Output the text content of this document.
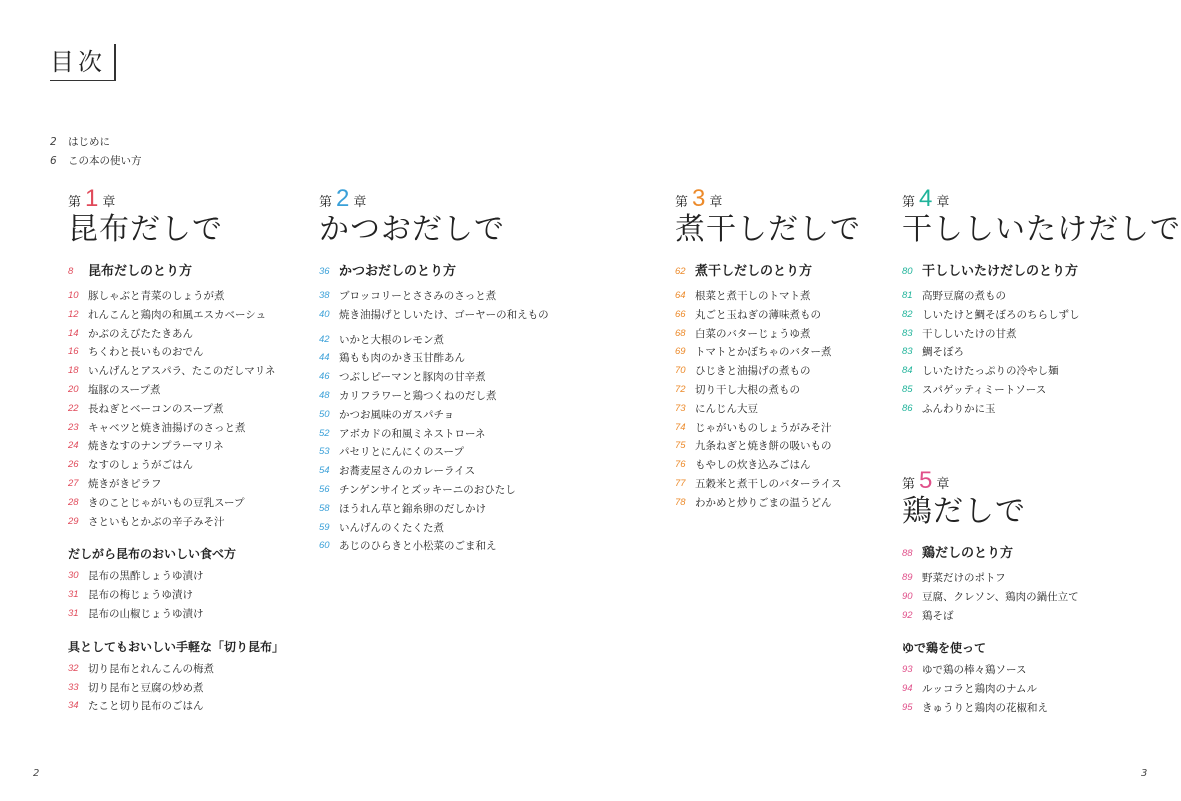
目次
2	はじめに
6	この本の使い方
第 1 章
昆布だしで
8	昆布だしのとり方
10 豚しゃぶと青菜のしょうが煮
12 れんこんと鶏肉の和風エスカベーシュ
14 かぶのえびたたきあん
16 ちくわと長いものおでん
18 いんげんとアスパラ、たこのだしマリネ
20 塩豚のスープ煮
22 長ねぎとベーコンのスープ煮
23 キャベツと焼き油揚げのさっと煮
24 焼きなすのナンプラーマリネ
26 なすのしょうがごはん
27 焼きがきピラフ
28 きのことじゃがいもの豆乳スープ
29 さといもとかぶの辛子みそ汁
だしがら昆布のおいしい食べ方
30 昆布の黒酢しょうゆ漬け
31 昆布の梅じょうゆ漬け
31 昆布の山椒じょうゆ漬け
具としてもおいしい手軽な「切り昆布」
32 切り昆布とれんこんの梅煮
33 切り昆布と豆腐の炒め煮
34 たこと切り昆布のごはん
第 2 章
かつおだしで
36 かつおだしのとり方
38 ブロッコリーとささみのさっと煮
40 焼き油揚げとしいたけ、ゴーヤーの和えもの
42 いかと大根のレモン煮
44 鶏もも肉のかき玉甘酢あん
46 つぶしピーマンと豚肉の甘辛煮
48 カリフラワーと鶏つくねのだし煮
50 かつお風味のガスパチョ
52 アボカドの和風ミネストローネ
53 パセリとにんにくのスープ
54 お蕎麦屋さんのカレーライス
56 チンゲンサイとズッキーニのおひたし
58 ほうれん草と錦糸卵のだしかけ
59 いんげんのくたくた煮
60 あじのひらきと小松菜のごま和え
第 3 章
煮干しだしで
62 煮干しだしのとり方
64 根菜と煮干しのトマト煮
66 丸ごと玉ねぎの薄味煮もの
68 白菜のバターじょうゆ煮
69 トマトとかぼちゃのバター煮
70 ひじきと油揚げの煮もの
72 切り干し大根の煮もの
73 にんじん大豆
74 じゃがいものしょうがみそ汁
75 九条ねぎと焼き餅の吸いもの
76 もやしの炊き込みごはん
77 五穀米と煮干しのバターライス
78 わかめと炒りごまの温うどん
第 4 章
干ししいたけだしで
80 干ししいたけだしのとり方
81 高野豆腐の煮もの
82 しいたけと鯛そぼろのちらしずし
83 干ししいたけの甘煮
83 鯛そぼろ
84 しいたけたっぷりの冷やし麺
85 スパゲッティミートソース
86 ふんわりかに玉
第 5 章
鶏だしで
88 鶏だしのとり方
89 野菜だけのポトフ
90 豆腐、クレソン、鶏肉の鍋仕立て
92 鶏そば
ゆで鶏を使って
93 ゆで鶏の棒々鶏ソース
94 ルッコラと鶏肉のナムル
95 きゅうりと鶏肉の花椒和え
2	3
